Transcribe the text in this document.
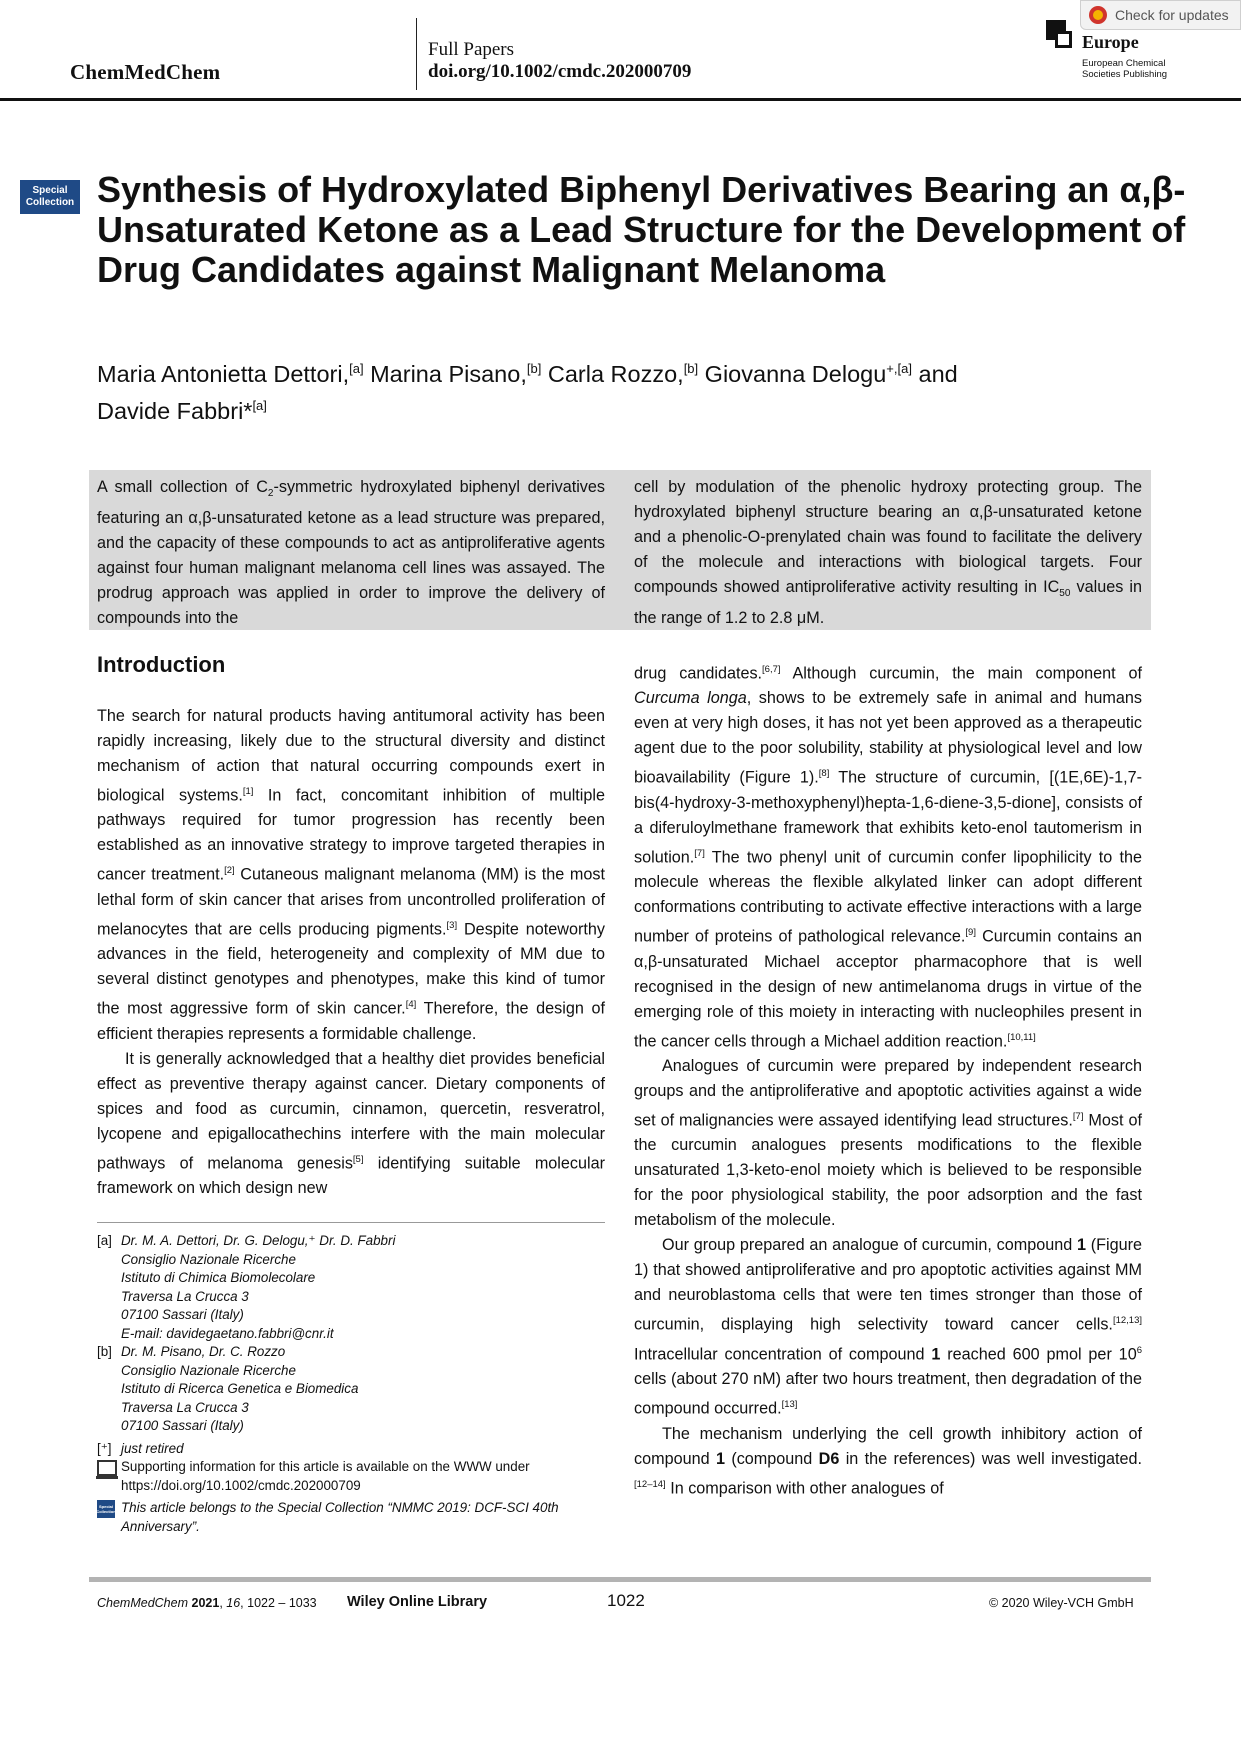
ChemMedChem
Full Papers
doi.org/10.1002/cmdc.202000709
Europe
European Chemical Societies Publishing
Check for updates
Special
Collection Synthesis of Hydroxylated Biphenyl Derivatives Bearing an α,β-Unsaturated Ketone as a Lead Structure for the Development of Drug Candidates against Malignant Melanoma
Maria Antonietta Dettori,[a] Marina Pisano,[b] Carla Rozzo,[b] Giovanna Delogu$^{+,[a]}$ and
Davide Fabbri*[a]
A small collection of $C_2$-symmetric hydroxylated biphenyl derivatives featuring an α,β-unsaturated ketone as a lead structure was prepared, and the capacity of these compounds to act as antiproliferative agents against four human malignant melanoma cell lines was assayed. The prodrug approach was applied in order to improve the delivery of compounds into the
cell by modulation of the phenolic hydroxy protecting group. The hydroxylated biphenyl structure bearing an α,β-unsaturated ketone and a phenolic-O-prenylated chain was found to facilitate the delivery of the molecule and interactions with biological targets. Four compounds showed antiproliferative activity resulting in $IC_{50}$ values in the range of 1.2 to 2.8 μM.
Introduction

The search for natural products having antitumoral activity has been rapidly increasing, likely due to the structural diversity and distinct mechanism of action that natural occurring compounds exert in biological systems.[1] In fact, concomitant inhibition of multiple pathways required for tumor progression has recently been established as an innovative strategy to improve targeted therapies in cancer treatment.[2] Cutaneous malignant melanoma (MM) is the most lethal form of skin cancer that arises from uncontrolled proliferation of melanocytes that are cells producing pigments.[3] Despite noteworthy advances in the field, heterogeneity and complexity of MM due to several distinct genotypes and phenotypes, make this kind of tumor the most aggressive form of skin cancer.[4] Therefore, the design of efficient therapies represents a formidable challenge.

It is generally acknowledged that a healthy diet provides beneficial effect as preventive therapy against cancer. Dietary components of spices and food as curcumin, cinnamon, quercetin, resveratrol, lycopene and epigallocathechins interfere with the main molecular pathways of melanoma genesis[5] identifying suitable molecular framework on which design new

drug candidates.[6,7] Although curcumin, the main component of Curcuma longa, shows to be extremely safe in animal and humans even at very high doses, it has not yet been approved as a therapeutic agent due to the poor solubility, stability at physiological level and low bioavailability (Figure 1).[8] The structure of curcumin, [(1E,6E)-1,7-bis(4-hydroxy-3-methoxyphenyl)hepta-1,6-diene-3,5-dione], consists of a diferuloylmethane framework that exhibits keto-enol tautomerism in solution.[7] The two phenyl unit of curcumin confer lipophilicity to the molecule whereas the flexible alkylated linker can adopt different conformations contributing to activate effective interactions with a large number of proteins of pathological relevance.[9] Curcumin contains an α,β-unsaturated Michael acceptor pharmacophore that is well recognised in the design of new antimelanoma drugs in virtue of the emerging role of this moiety in interacting with nucleophiles present in the cancer cells through a Michael addition reaction.[10,11]

Analogues of curcumin were prepared by independent research groups and the antiproliferative and apoptotic activities against a wide set of malignancies were assayed identifying lead structures.[7] Most of the curcumin analogues presents modifications to the flexible unsaturated 1,3-keto-enol moiety which is believed to be responsible for the poor physiological stability, the poor adsorption and the fast metabolism of the molecule.

Our group prepared an analogue of curcumin, compound 1 (Figure 1) that showed antiproliferative and pro apoptotic activities against MM and neuroblastoma cells that were ten times stronger than those of curcumin, displaying high selectivity toward cancer cells.[12,13] Intracellular concentration of compound 1 reached 600 pmol per $10^6$ cells (about 270 nM) after two hours treatment, then degradation of the compound occurred.[13]

The mechanism underlying the cell growth inhibitory action of compound 1 (compound D6 in the references) was well investigated.[12–14] In comparison with other analogues of

[a] Dr. M. A. Dettori, Dr. G. Delogu,⁺ Dr. D. Fabbri
Consiglio Nazionale Ricerche
Istituto di Chimica Biomolecolare
Traversa La Crucca 3
07100 Sassari (Italy)
E-mail: davidegaetano.fabbri@cnr.it
[b] Dr. M. Pisano, Dr. C. Rozzo
Consiglio Nazionale Ricerche
Istituto di Ricerca Genetica e Biomedica
Traversa La Crucca 3
07100 Sassari (Italy)
[⁺] just retired
Supporting information for this article is available on the WWW under https://doi.org/10.1002/cmdc.202000709
Special Collection This article belongs to the Special Collection “NMMC 2019: DCF-SCI 40th Anniversary”.
ChemMedChem 2021, 16, 1022 – 1033 Wiley Online Library	1022	© 2020 Wiley-VCH GmbH
